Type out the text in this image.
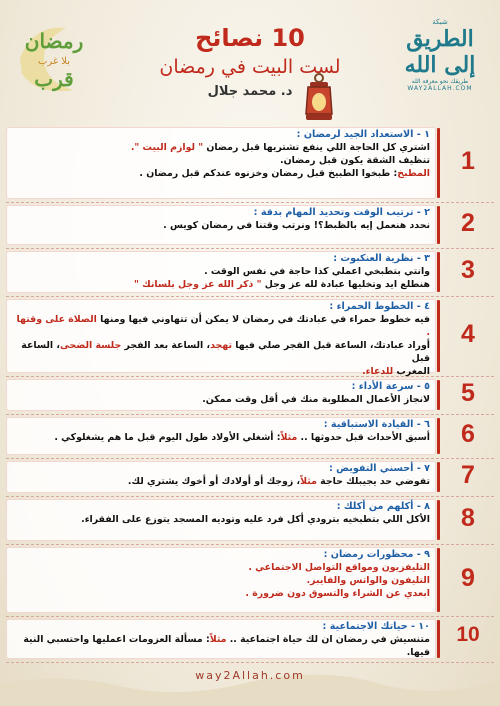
رمضان
بلا غرب
قرب
شبكة
الطريق إلى الله
طريقك نحو معرفة الله
WAY2ALLAH.COM
10 نصائح
لست البيت في رمضان
د. محمد جلال
1
١ - الاستعداد الجيد لرمضان :
اشتري كل الحاجة اللي ينفع تشتريها قبل رمضان " لوازم البيت ".
تنظيف الشقة يكون قبل رمضان.
المطبخ: طبخوا الطبيخ قبل رمضان وخزنوه عندكم قبل رمضان .
2
٢ - ترتيب الوقت وتحديد المهام بدقة :
نحدد هنعمل إيه بالظبط؟! ونرتب وقتنا في رمضان كويس .
3
٣ - نظرية العنكبوت :
وانتي بتطبخي اعملي كذا حاجة في نفس الوقت .
هنطلع ايد وتخليها عبادة لله عز وجل " ذكر الله عز وجل بلسانك "
4
٤ - الخطوط الحمراء :
فيه خطوط حمراء في عبادتك في رمضان لا يمكن أن تتهاوني فيها ومنها الصلاة على وقتها .
أوراد عبادتك، الساعة قبل الفجر صلي فيها تهجد، الساعة بعد الفجر جلسة الضحى، الساعة قبل
المغرب للدعاء.
5
٥ - سرعة الأداء :
لانجاز الأعمال المطلوبة منك في أقل وقت ممكن.
6
٦ - القيادة الاستباقية :
أسبق الأحداث قبل حدوثها .. مثلاً: أشغلي الأولاد طول اليوم قبل ما هم يشغلوكي .
7
٧ - أحسني التفويض :
تفوضي حد يجيبلك حاجة مثلاً، زوجك أو أولادك أو أخوك يشتري لك.
8
٨ - أكلهم من أكلك :
الأكل اللي بتطبخيه بترودي أكل فرد عليه وتوديه المسجد يتوزع على الفقراء.
9
٩ - محظورات رمضان :
التليفزيون ومواقع التواصل الاجتماعي .
التليفون والواتس والفايبر.
ابعدي عن الشراء والتسوق دون ضرورة .
10
١٠ - حياتك الاجتماعية :
متنسيش في رمضان ان لك حياة اجتماعية .. مثلاً: مسألة العزومات اعمليها واحتسبي النية فيها.
way2Allah.com
